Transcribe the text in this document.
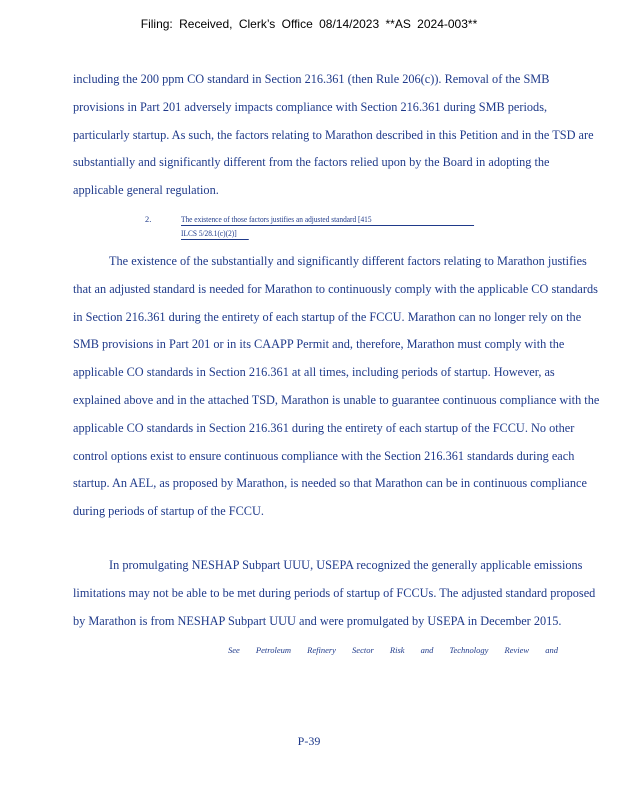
Filing: Received, Clerk’s Office 08/14/2023 **AS 2024-003**

including the 200 ppm CO standard in Section 216.361 (then Rule 206(c)). Removal of the SMB provisions in Part 201 adversely impacts compliance with Section 216.361 during SMB periods, particularly startup. As such, the factors relating to Marathon described in this Petition and in the TSD are substantially and significantly different from the factors relied upon by the Board in adopting the applicable general regulation.

2.	The existence of those factors justifies an adjusted standard [415
ILCS 5/28.1(c)(2)]

The existence of the substantially and significantly different factors relating to Marathon justifies that an adjusted standard is needed for Marathon to continuously comply with the applicable CO standards in Section 216.361 during the entirety of each startup of the FCCU. Marathon can no longer rely on the SMB provisions in Part 201 or in its CAAPP Permit and, therefore, Marathon must comply with the applicable CO standards in Section 216.361 at all times, including periods of startup. However, as explained above and in the attached TSD, Marathon is unable to guarantee continuous compliance with the applicable CO standards in Section 216.361 during the entirety of each startup of the FCCU. No other control options exist to ensure continuous compliance with the Section 216.361 standards during each startup. An AEL, as proposed by Marathon, is needed so that Marathon can be in continuous compliance during periods of startup of the FCCU.

In promulgating NESHAP Subpart UUU, USEPA recognized the generally applicable emissions limitations may not be able to be met during periods of startup of FCCUs. The adjusted standard proposed by Marathon is from NESHAP Subpart UUU and were promulgated by USEPA in December 2015.

See Petroleum Refinery Sector Risk and Technology Review and
P-39
